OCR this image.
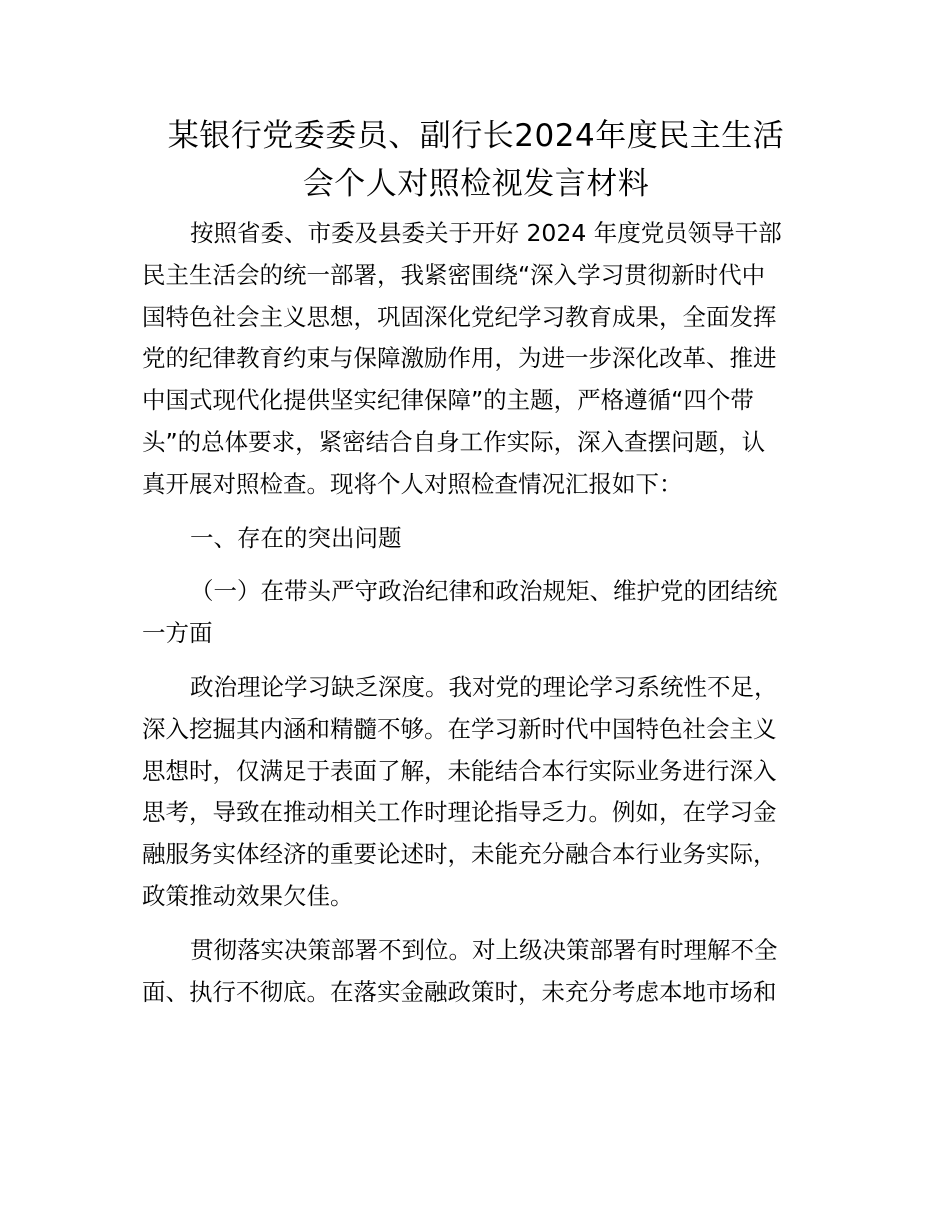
某银行党委委员、副行长2024年度民主生活
会个人对照检视发言材料
按照省委、市委及县委关于开好 2024 年度党员领导干部
民主生活会的统一部署，我紧密围绕“深入学习贯彻新时代中
国特色社会主义思想，巩固深化党纪学习教育成果，全面发挥
党的纪律教育约束与保障激励作用，为进一步深化改革、推进
中国式现代化提供坚实纪律保障”的主题，严格遵循“四个带
头”的总体要求，紧密结合自身工作实际，深入查摆问题，认
真开展对照检查。现将个人对照检查情况汇报如下：
一、存在的突出问题
（一）在带头严守政治纪律和政治规矩、维护党的团结统
一方面
政治理论学习缺乏深度。我对党的理论学习系统性不足，
深入挖掘其内涵和精髓不够。在学习新时代中国特色社会主义
思想时，仅满足于表面了解，未能结合本行实际业务进行深入
思考，导致在推动相关工作时理论指导乏力。例如，在学习金
融服务实体经济的重要论述时，未能充分融合本行业务实际，
政策推动效果欠佳。
贯彻落实决策部署不到位。对上级决策部署有时理解不全
面、执行不彻底。在落实金融政策时，未充分考虑本地市场和
